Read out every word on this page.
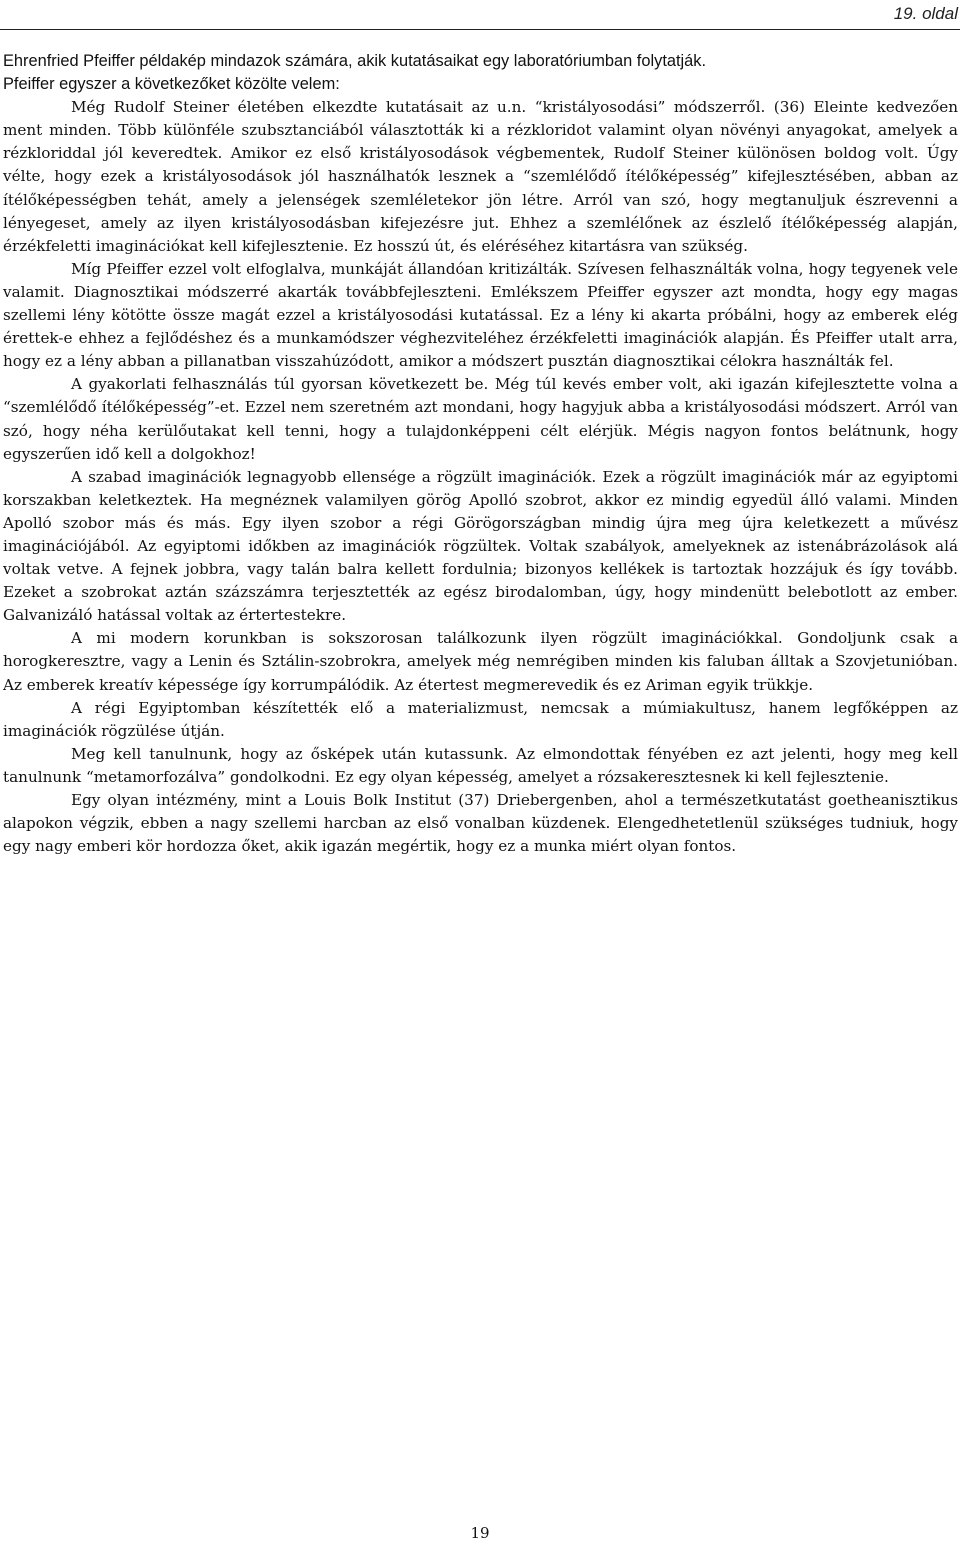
19. oldal

Ehrenfried Pfeiffer példakép mindazok számára, akik kutatásaikat egy laboratóriumban folytatják.

Pfeiffer egyszer a következőket közölte velem:

Még Rudolf Steiner életében elkezdte kutatásait az u.n. “kristályosodási” módszerről. (36) Eleinte kedvezően ment minden. Több különféle szubsztanciából választották ki a rézkloridot valamint olyan növényi anyagokat, amelyek a rézkloriddal jól keveredtek. Amikor ez első kristályosodások végbementek, Rudolf Steiner különösen boldog volt. Úgy vélte, hogy ezek a kristályosodások jól használhatók lesznek a “szemlélődő ítélőképesség” kifejlesztésében, abban az ítélőképességben tehát, amely a jelenségek szemléletekor jön létre. Arról van szó, hogy megtanuljuk észrevenni a lényegeset, amely az ilyen kristályosodásban kifejezésre jut. Ehhez a szemlélőnek az észlelő ítélőképesség alapján, érzékfeletti imaginációkat kell kifejlesztenie. Ez hosszú út, és eléréséhez kitartásra van szükség.

Míg Pfeiffer ezzel volt elfoglalva, munkáját állandóan kritizálták. Szívesen felhasználták volna, hogy tegyenek vele valamit. Diagnosztikai módszerré akarták továbbfejleszteni. Emlékszem Pfeiffer egyszer azt mondta, hogy egy magas szellemi lény kötötte össze magát ezzel a kristályosodási kutatással. Ez a lény ki akarta próbálni, hogy az emberek elég érettek-e ehhez a fejlődéshez és a munkamódszer véghezviteléhez érzékfeletti imaginációk alapján. És Pfeiffer utalt arra, hogy ez a lény abban a pillanatban visszahúzódott, amikor a módszert pusztán diagnosztikai célokra használták fel.

A gyakorlati felhasználás túl gyorsan következett be. Még túl kevés ember volt, aki igazán kifejlesztette volna a “szemlélődő ítélőképesség”-et. Ezzel nem szeretném azt mondani, hogy hagyjuk abba a kristályosodási módszert. Arról van szó, hogy néha kerülőutakat kell tenni, hogy a tulajdonképpeni célt elérjük. Mégis nagyon fontos belátnunk, hogy egyszerűen idő kell a dolgokhoz!

A szabad imaginációk legnagyobb ellensége a rögzült imaginációk. Ezek a rögzült imaginációk már az egyiptomi korszakban keletkeztek. Ha megnéznek valamilyen görög Apolló szobrot, akkor ez mindig egyedül álló valami. Minden Apolló szobor más és más. Egy ilyen szobor a régi Görögországban mindig újra meg újra keletkezett a művész imaginációjából. Az egyiptomi időkben az imaginációk rögzültek. Voltak szabályok, amelyeknek az istenábrázolások alá voltak vetve. A fejnek jobbra, vagy talán balra kellett fordulnia; bizonyos kellékek is tartoztak hozzájuk és így tovább. Ezeket a szobrokat aztán százszámra terjesztették az egész birodalomban, úgy, hogy mindenütt belebotlott az ember. Galvanizáló hatással voltak az értertestekre.

A mi modern korunkban is sokszorosan találkozunk ilyen rögzült imaginációkkal. Gondoljunk csak a horogkeresztre, vagy a Lenin és Sztálin-szobrokra, amelyek még nemrégiben minden kis faluban álltak a Szovjetunióban. Az emberek kreatív képessége így korrumpálódik. Az étertest megmerevedik és ez Ariman egyik trükkje.

A régi Egyiptomban készítették elő a materializmust, nemcsak a múmiakultusz, hanem legfőképpen az imaginációk rögzülése útján.

Meg kell tanulnunk, hogy az ősképek után kutassunk. Az elmondottak fényében ez azt jelenti, hogy meg kell tanulnunk “metamorfozálva” gondolkodni. Ez egy olyan képesség, amelyet a rózsakeresztesnek ki kell fejlesztenie.

Egy olyan intézmény, mint a Louis Bolk Institut (37) Driebergenben, ahol a természetkutatást goetheanisztikus alapokon végzik, ebben a nagy szellemi harcban az első vonalban küzdenek. Elengedhetetlenül szükséges tudniuk, hogy egy nagy emberi kör hordozza őket, akik igazán megértik, hogy ez a munka miért olyan fontos.

19
